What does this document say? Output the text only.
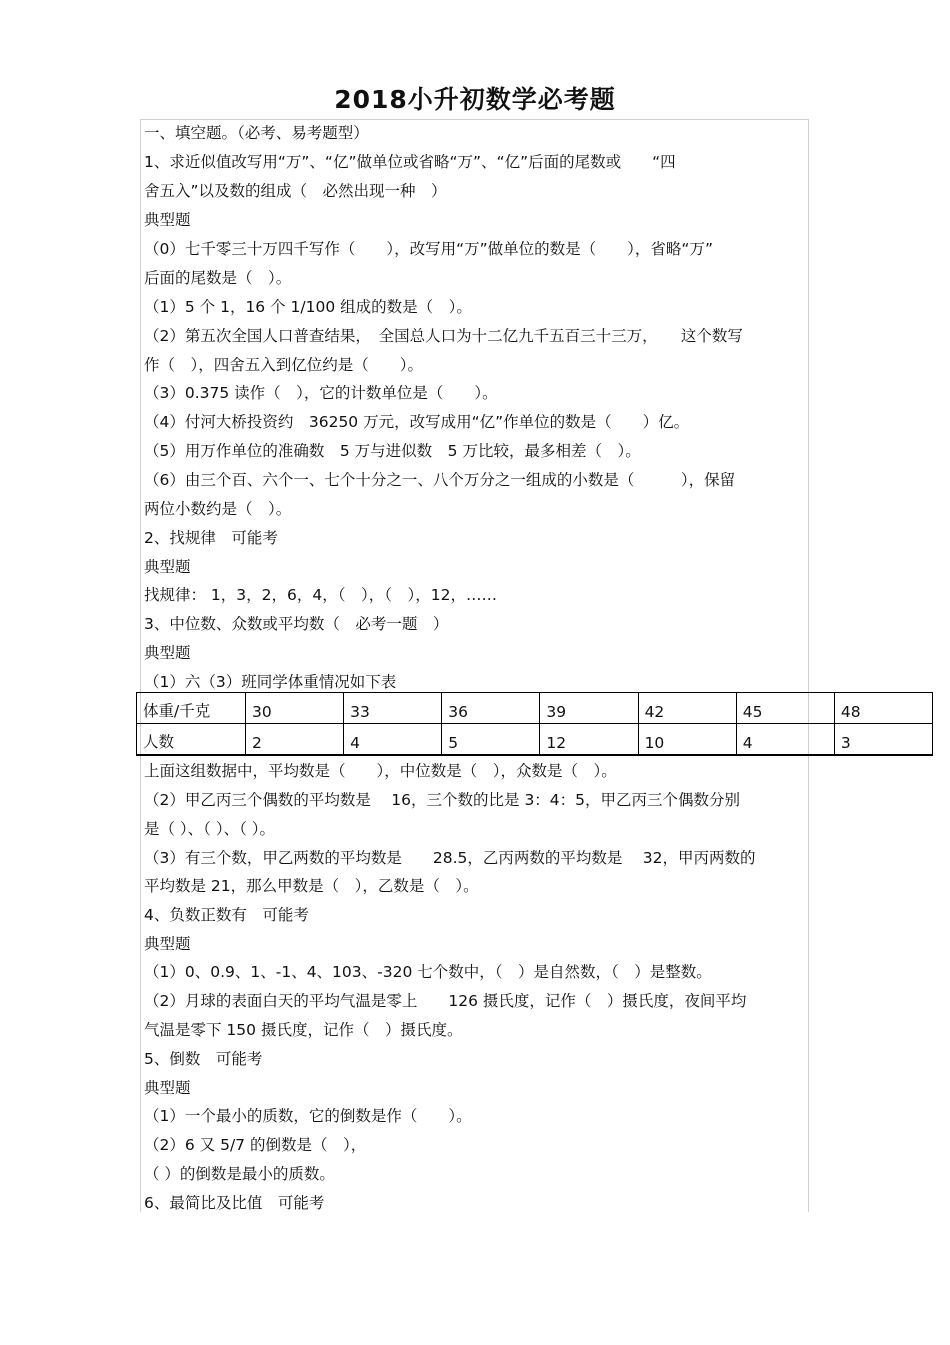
2018小升初数学必考题
一、填空题。（必考、易考题型）
1、求近似值改写用“万”、“亿”做单位或省略“万”、“亿”后面的尾数或　　“四
舍五入”以及数的组成（　必然出现一种　）
典型题
（0）七千零三十万四千写作（　　），改写用“万”做单位的数是（　　），省略“万”
后面的尾数是（　）。
（1）5 个 1，16 个 1/100 组成的数是（　）。
（2）第五次全国人口普查结果，　全国总人口为十二亿九千五百三十三万，　　这个数写
作（　），四舍五入到亿位约是（　　）。
（3）0.375 读作（　），它的计数单位是（　　）。
（4）付河大桥投资约　36250 万元，改写成用“亿”作单位的数是（　　）亿。
（5）用万作单位的准确数　5 万与进似数　5 万比较，最多相差（　）。
（6）由三个百、六个一、七个十分之一、八个万分之一组成的小数是（　　　），保留
两位小数约是（　）。
2、找规律　可能考
典型题
找规律： 1，3，2，6，4，（　），（　），12，……
3、中位数、众数或平均数（　必考一题　）
典型题
（1）六（3）班同学体重情况如下表
体重/千克	30	33	36	39	42	45	48
人数	2	4	5	12	10	4	3
上面这组数据中，平均数是（　　），中位数是（　），众数是（　）。
（2）甲乙丙三个偶数的平均数是　 16，三个数的比是 3：4：5，甲乙丙三个偶数分别
是（ ）、（ ）、（ ）。
（3）有三个数，甲乙两数的平均数是　　28.5，乙丙两数的平均数是　 32，甲丙两数的
平均数是 21，那么甲数是（　），乙数是（　）。
4、负数正数有　可能考
典型题
（1）0、0.9、1、-1、4、103、-320 七个数中，（　）是自然数，（　）是整数。
（2）月球的表面白天的平均气温是零上　　126 摄氏度，记作（　）摄氏度，夜间平均
气温是零下 150 摄氏度，记作（　）摄氏度。
5、倒数　可能考
典型题
（1）一个最小的质数，它的倒数是作（　　）。
（2）6 又 5/7 的倒数是（　），
（ ）的倒数是最小的质数。
6、最简比及比值　可能考
